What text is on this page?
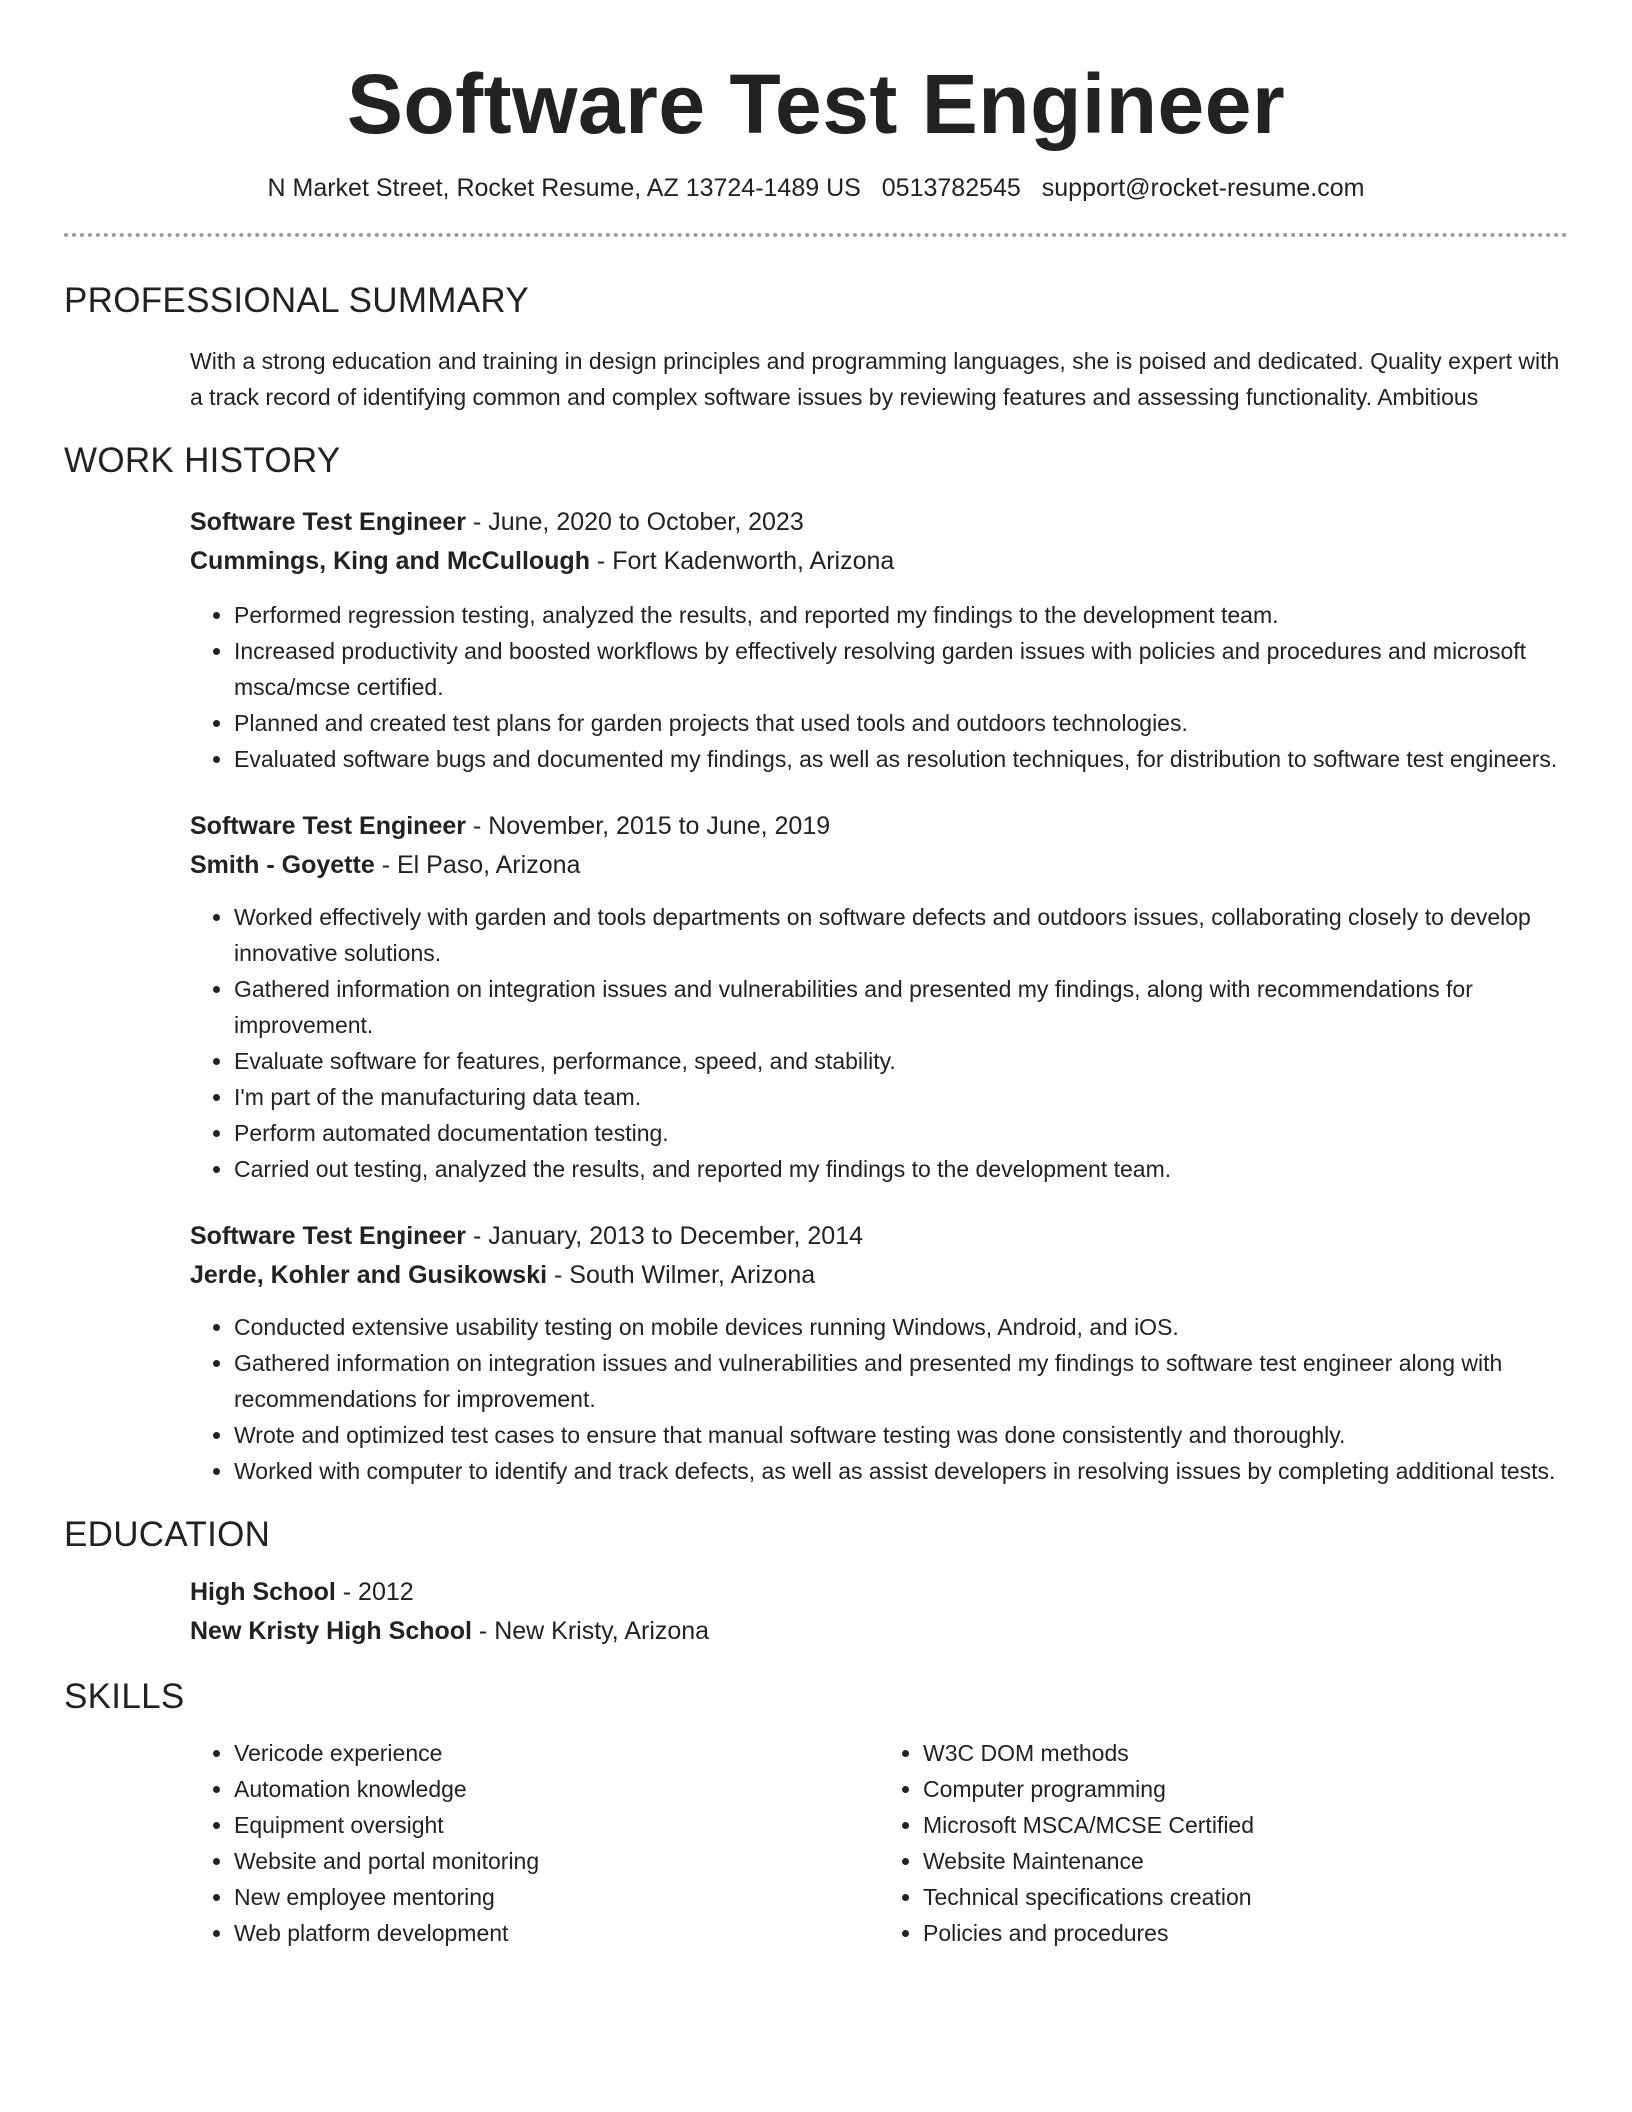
Software Test Engineer
N Market Street, Rocket Resume, AZ 13724-1489 US 0513782545 support@rocket-resume.com
PROFESSIONAL SUMMARY
With a strong education and training in design principles and programming languages, she is poised and dedicated. Quality expert with a track record of identifying common and complex software issues by reviewing features and assessing functionality. Ambitious
WORK HISTORY
Software Test Engineer - June, 2020 to October, 2023
Cummings, King and McCullough - Fort Kadenworth, Arizona
• Performed regression testing, analyzed the results, and reported my findings to the development team.
• Increased productivity and boosted workflows by effectively resolving garden issues with policies and procedures and microsoft msca/mcse certified.
• Planned and created test plans for garden projects that used tools and outdoors technologies.
• Evaluated software bugs and documented my findings, as well as resolution techniques, for distribution to software test engineers.
Software Test Engineer - November, 2015 to June, 2019
Smith - Goyette - El Paso, Arizona
• Worked effectively with garden and tools departments on software defects and outdoors issues, collaborating closely to develop innovative solutions.
• Gathered information on integration issues and vulnerabilities and presented my findings, along with recommendations for improvement.
• Evaluate software for features, performance, speed, and stability.
• I'm part of the manufacturing data team.
• Perform automated documentation testing.
• Carried out testing, analyzed the results, and reported my findings to the development team.
Software Test Engineer - January, 2013 to December, 2014
Jerde, Kohler and Gusikowski - South Wilmer, Arizona
• Conducted extensive usability testing on mobile devices running Windows, Android, and iOS.
• Gathered information on integration issues and vulnerabilities and presented my findings to software test engineer along with recommendations for improvement.
• Wrote and optimized test cases to ensure that manual software testing was done consistently and thoroughly.
• Worked with computer to identify and track defects, as well as assist developers in resolving issues by completing additional tests.
EDUCATION
High School - 2012
New Kristy High School - New Kristy, Arizona
SKILLS
• Vericode experience
• Automation knowledge
• Equipment oversight
• Website and portal monitoring
• New employee mentoring
• Web platform development
• W3C DOM methods
• Computer programming
• Microsoft MSCA/MCSE Certified
• Website Maintenance
• Technical specifications creation
• Policies and procedures
